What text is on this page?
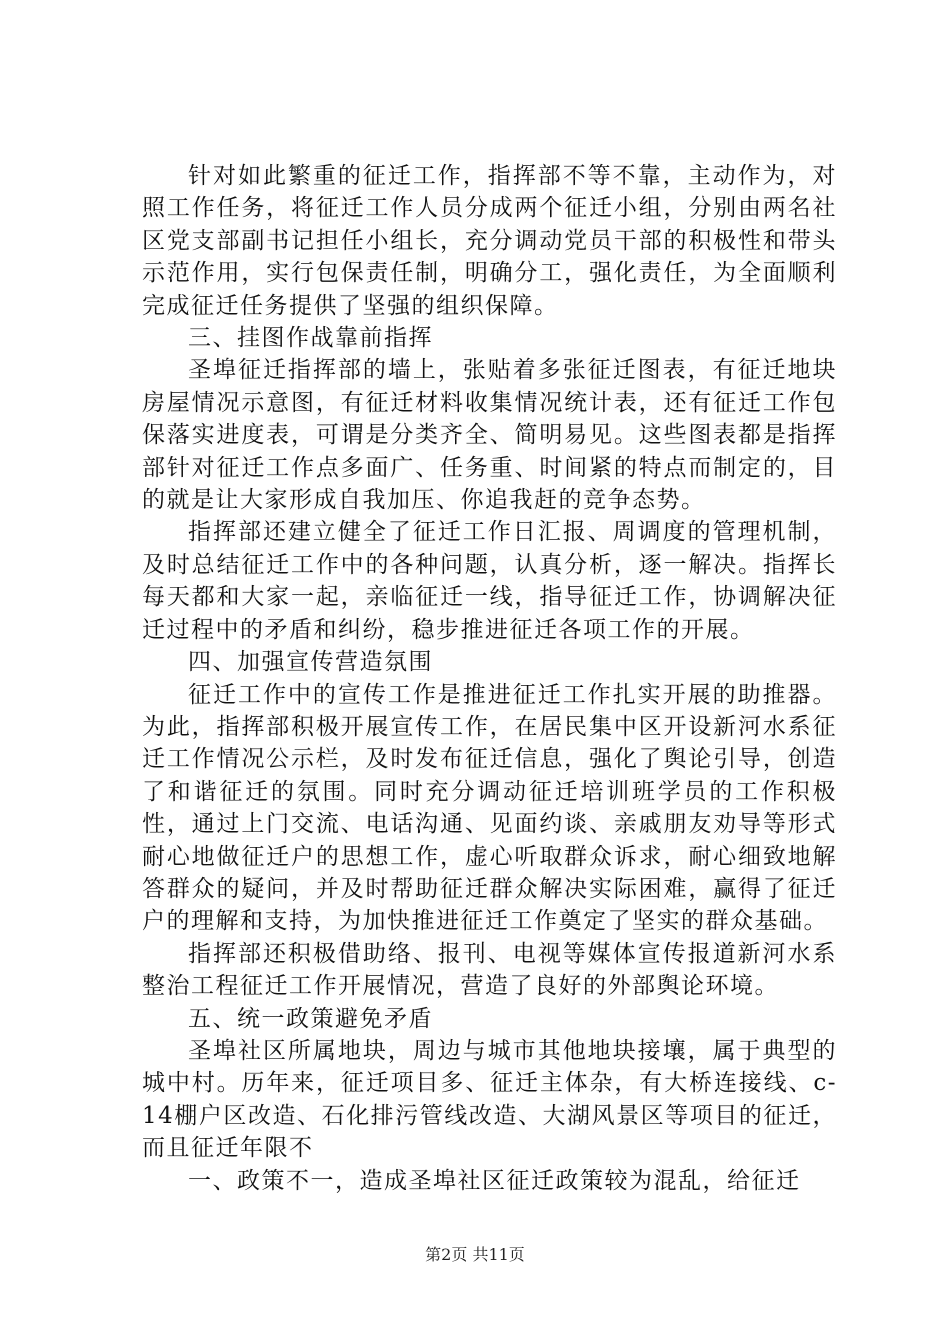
针对如此繁重的征迁工作，指挥部不等不靠，主动作为，对照工作任务，将征迁工作人员分成两个征迁小组，分别由两名社区党支部副书记担任小组长，充分调动党员干部的积极性和带头示范作用，实行包保责任制，明确分工，强化责任，为全面顺利完成征迁任务提供了坚强的组织保障。

三、挂图作战靠前指挥

圣埠征迁指挥部的墙上，张贴着多张征迁图表，有征迁地块房屋情况示意图，有征迁材料收集情况统计表，还有征迁工作包保落实进度表，可谓是分类齐全、简明易见。这些图表都是指挥部针对征迁工作点多面广、任务重、时间紧的特点而制定的，目的就是让大家形成自我加压、你追我赶的竞争态势。

指挥部还建立健全了征迁工作日汇报、周调度的管理机制，及时总结征迁工作中的各种问题，认真分析，逐一解决。指挥长每天都和大家一起，亲临征迁一线，指导征迁工作，协调解决征迁过程中的矛盾和纠纷，稳步推进征迁各项工作的开展。

四、加强宣传营造氛围

征迁工作中的宣传工作是推进征迁工作扎实开展的助推器。为此，指挥部积极开展宣传工作，在居民集中区开设新河水系征迁工作情况公示栏，及时发布征迁信息，强化了舆论引导，创造了和谐征迁的氛围。同时充分调动征迁培训班学员的工作积极性，通过上门交流、电话沟通、见面约谈、亲戚朋友劝导等形式耐心地做征迁户的思想工作，虚心听取群众诉求，耐心细致地解答群众的疑问，并及时帮助征迁群众解决实际困难，赢得了征迁户的理解和支持，为加快推进征迁工作奠定了坚实的群众基础。

指挥部还积极借助络、报刊、电视等媒体宣传报道新河水系整治工程征迁工作开展情况，营造了良好的外部舆论环境。

五、统一政策避免矛盾

圣埠社区所属地块，周边与城市其他地块接壤，属于典型的城中村。历年来，征迁项目多、征迁主体杂，有大桥连接线、c-14棚户区改造、石化排污管线改造、大湖风景区等项目的征迁，而且征迁年限不

一、政策不一，造成圣埠社区征迁政策较为混乱，给征迁

第2页 共11页
